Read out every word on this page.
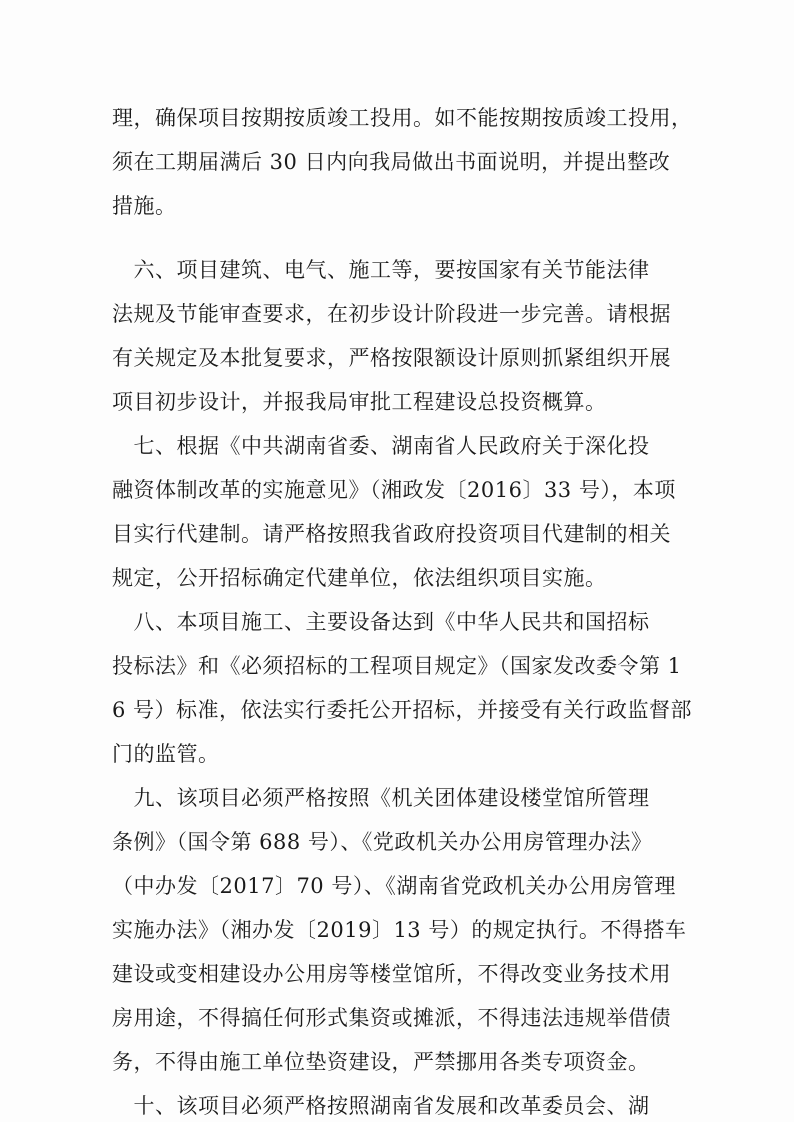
理，确保项目按期按质竣工投用。如不能按期按质竣工投用，
须在工期届满后 30 日内向我局做出书面说明，并提出整改
措施。
　六、项目建筑、电气、施工等，要按国家有关节能法律
法规及节能审查要求，在初步设计阶段进一步完善。请根据
有关规定及本批复要求，严格按限额设计原则抓紧组织开展
项目初步设计，并报我局审批工程建设总投资概算。
　七、根据《中共湖南省委、湖南省人民政府关于深化投
融资体制改革的实施意见》（湘政发〔2016〕33 号），本项
目实行代建制。请严格按照我省政府投资项目代建制的相关
规定，公开招标确定代建单位，依法组织项目实施。
　八、本项目施工、主要设备达到《中华人民共和国招标
投标法》和《必须招标的工程项目规定》（国家发改委令第 1
6 号）标准，依法实行委托公开招标，并接受有关行政监督部
门的监管。
　九、该项目必须严格按照《机关团体建设楼堂馆所管理
条例》（国令第 688 号）、《党政机关办公用房管理办法》
（中办发〔2017〕70 号）、《湖南省党政机关办公用房管理
实施办法》（湘办发〔2019〕13 号）的规定执行。不得搭车
建设或变相建设办公用房等楼堂馆所，不得改变业务技术用
房用途，不得搞任何形式集资或摊派，不得违法违规举借债
务，不得由施工单位垫资建设，严禁挪用各类专项资金。
　十、该项目必须严格按照湖南省发展和改革委员会、湖
